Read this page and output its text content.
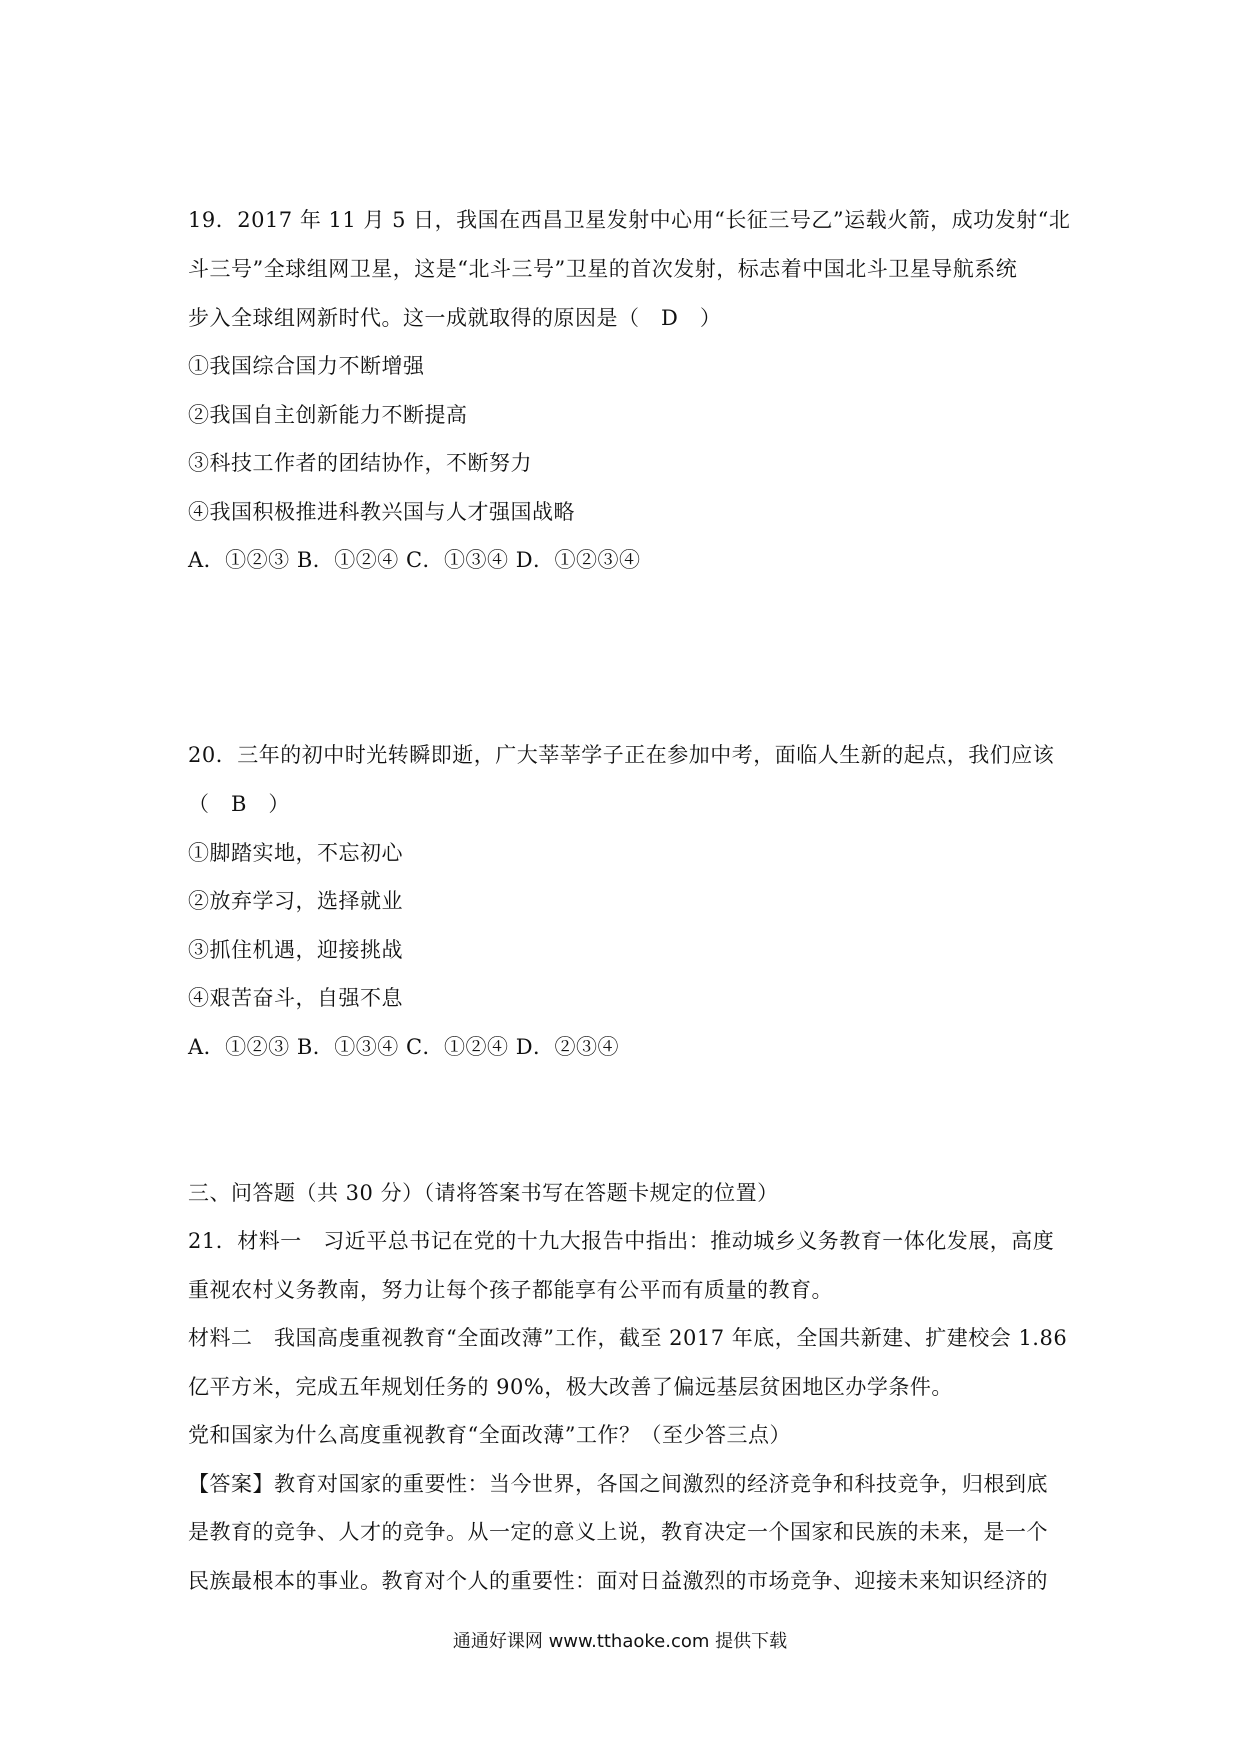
19．2017 年 11 月 5 日，我国在西昌卫星发射中心用“长征三号乙”运载火箭，成功发射“北
斗三号”全球组网卫星，这是“北斗三号”卫星的首次发射，标志着中国北斗卫星导航系统
步入全球组网新时代。这一成就取得的原因是（　D　）
①我国综合国力不断增强
②我国自主创新能力不断提高
③科技工作者的团结协作，不断努力
④我国积极推进科教兴国与人才强国战略
A．①②③ B．①②④ C．①③④ D．①②③④
20．三年的初中时光转瞬即逝，广大莘莘学子正在参加中考，面临人生新的起点，我们应该
（　B　）
①脚踏实地，不忘初心
②放弃学习，选择就业
③抓住机遇，迎接挑战
④艰苦奋斗，自强不息
A．①②③ B．①③④ C．①②④ D．②③④
三、问答题（共 30 分）（请将答案书写在答题卡规定的位置）
21．材料一　习近平总书记在党的十九大报告中指出：推动城乡义务教育一体化发展，高度
重视农村义务教南，努力让每个孩子都能享有公平而有质量的教育。
材料二　我国高虔重视教育“全面改薄”工作，截至 2017 年底，全国共新建、扩建校会 1.86
亿平方米，完成五年规划任务的 90%，极大改善了偏远基层贫困地区办学条件。
党和国家为什么高度重视教育“全面改薄”工作？（至少答三点）
【答案】教育对国家的重要性：当今世界，各国之间激烈的经济竞争和科技竞争，归根到底
是教育的竞争、人才的竞争。从一定的意义上说，教育决定一个国家和民族的未来，是一个
民族最根本的事业。教育对个人的重要性：面对日益激烈的市场竞争、迎接未来知识经济的
通通好课网 www.tthaoke.com 提供下载
